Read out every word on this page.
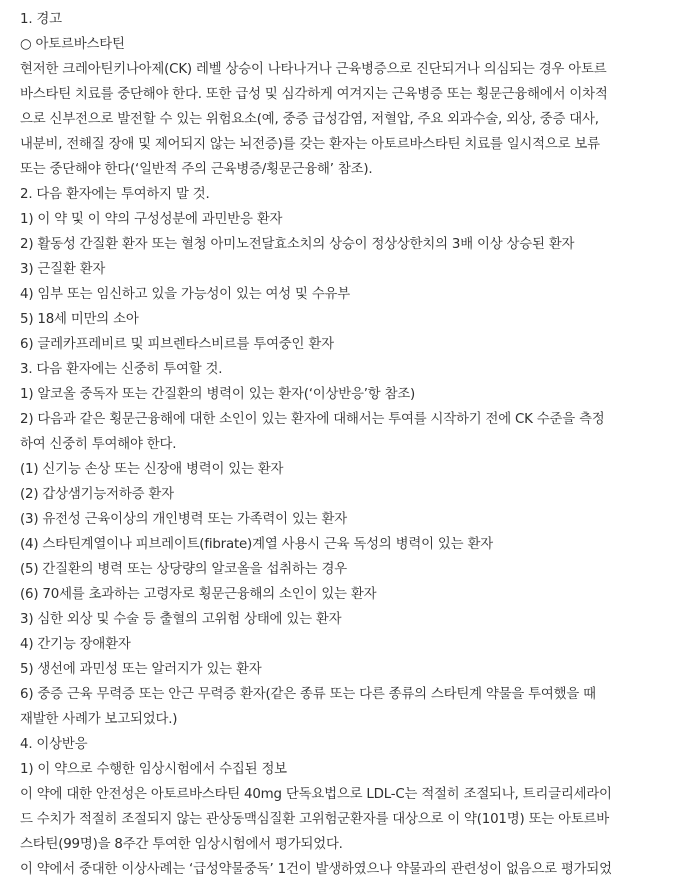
1. 경고
○ 아토르바스타틴
현저한 크레아틴키나아제(CK) 레벨 상승이 나타나거나 근육병증으로 진단되거나 의심되는 경우 아토르
바스타틴 치료를 중단해야 한다. 또한 급성 및 심각하게 여겨지는 근육병증 또는 횡문근융해에서 이차적
으로 신부전으로 발전할 수 있는 위험요소(예, 중증 급성감염, 저혈압, 주요 외과수술, 외상, 중증 대사,
내분비, 전해질 장애 및 제어되지 않는 뇌전증)를 갖는 환자는 아토르바스타틴 치료를 일시적으로 보류
또는 중단해야 한다(‘일반적 주의 근육병증/횡문근융해’ 참조).
2. 다음 환자에는 투여하지 말 것.
1) 이 약 및 이 약의 구성성분에 과민반응 환자
2) 활동성 간질환 환자 또는 혈청 아미노전달효소치의 상승이 정상상한치의 3배 이상 상승된 환자
3) 근질환 환자
4) 임부 또는 임신하고 있을 가능성이 있는 여성 및 수유부
5) 18세 미만의 소아
6) 글레카프레비르 및 피브렌타스비르를 투여중인 환자
3. 다음 환자에는 신중히 투여할 것.
1) 알코올 중독자 또는 간질환의 병력이 있는 환자(‘이상반응’항 참조)
2) 다음과 같은 횡문근융해에 대한 소인이 있는 환자에 대해서는 투여를 시작하기 전에 CK 수준을 측정
하여 신중히 투여해야 한다.
(1) 신기능 손상 또는 신장애 병력이 있는 환자
(2) 갑상샘기능저하증 환자
(3) 유전성 근육이상의 개인병력 또는 가족력이 있는 환자
(4) 스타틴계열이나 피브레이트(fibrate)계열 사용시 근육 독성의 병력이 있는 환자
(5) 간질환의 병력 또는 상당량의 알코올을 섭취하는 경우
(6) 70세를 초과하는 고령자로 횡문근융해의 소인이 있는 환자
3) 심한 외상 및 수술 등 출혈의 고위험 상태에 있는 환자
4) 간기능 장애환자
5) 생선에 과민성 또는 알러지가 있는 환자
6) 중증 근육 무력증 또는 안근 무력증 환자(같은 종류 또는 다른 종류의 스타틴계 약물을 투여했을 때
재발한 사례가 보고되었다.)
4. 이상반응
1) 이 약으로 수행한 임상시험에서 수집된 정보
이 약에 대한 안전성은 아토르바스타틴 40mg 단독요법으로 LDL-C는 적절히 조절되나, 트리글리세라이
드 수치가 적절히 조절되지 않는 관상동맥심질환 고위험군환자를 대상으로 이 약(101명) 또는 아토르바
스타틴(99명)을 8주간 투여한 임상시험에서 평가되었다.
이 약에서 중대한 이상사례는 ‘급성약물중독’ 1건이 발생하였으나 약물과의 관련성이 없음으로 평가되었
